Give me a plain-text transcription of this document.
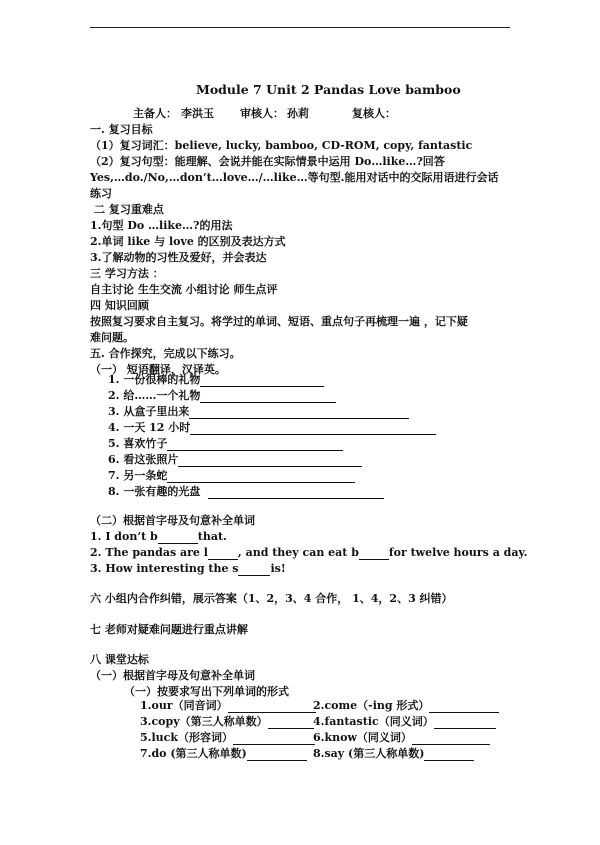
Module 7 Unit 2 Pandas Love bamboo
主备人： 李洪玉 审核人： 孙莉	复核人：
一. 复习目标
（1）复习词汇：believe, lucky, bamboo, CD-ROM, copy, fantastic
（2）复习句型：能理解、会说并能在实际情景中运用 Do…like…?回答
Yes,…do./No,…don’t…love…/…like…等句型.能用对话中的交际用语进行会话
练习
二 复习重难点
1.句型 Do …like…?的用法
2.单词 like 与 love 的区别及表达方式
3.了解动物的习性及爱好，并会表达
三 学习方法 ：
自主讨论 生生交流 小组讨论 师生点评
四 知识回顾
按照复习要求自主复习。将学过的单词、短语、重点句子再梳理一遍 ，记下疑
难问题。
五. 合作探究，完成以下练习。
（一） 短语翻译，汉译英。
1. 一份很棒的礼物
2. 给……一个礼物
3. 从盒子里出来
4. 一天 12 小时
5. 喜欢竹子
6. 看这张照片
7. 另一条蛇
8. 一张有趣的光盘
（二）根据首字母及句意补全单词
1. I don’t b	that.
2. The pandas are l	, and they can eat b	for twelve hours a day.
3. How interesting the s	is!
六 小组内合作纠错，展示答案（1、2，3、4 合作， 1、4，2、3 纠错）
七 老师对疑难问题进行重点讲解
八 课堂达标
（一）根据首字母及句意补全单词
（一）按要求写出下列单词的形式
1.our（同音词）	2.come（-ing 形式）
3.copy（第三人称单数）	4.fantastic（同义词）
5.luck（形容词）	6.know（同义词）
7.do (第三人称单数)	8.say (第三人称单数)
